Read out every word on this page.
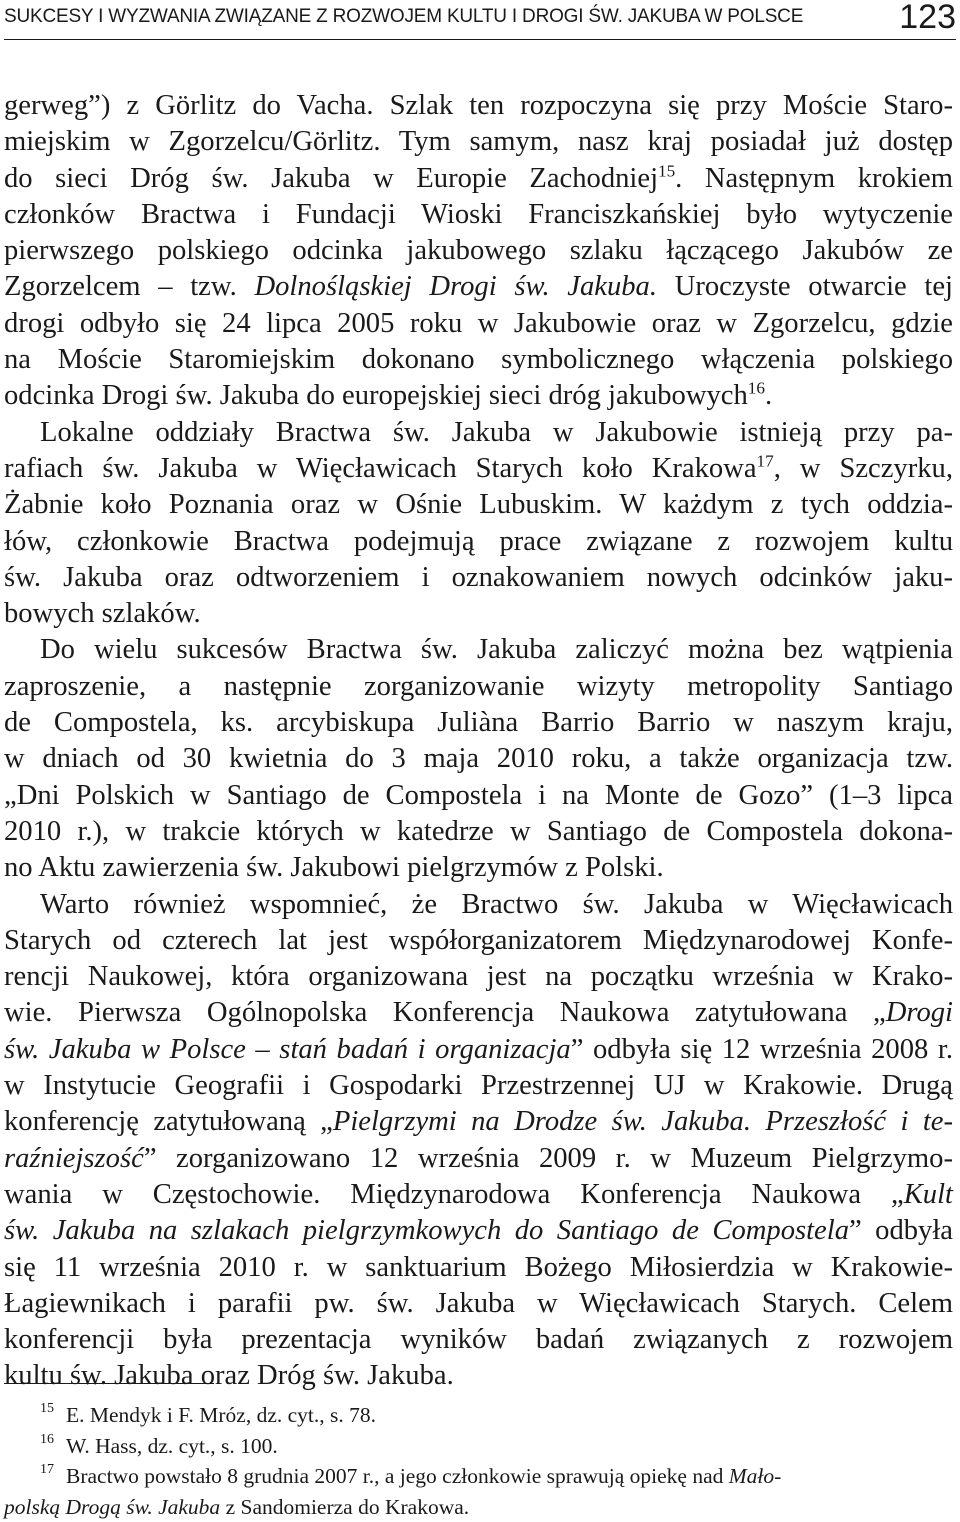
SUKCESY I WYZWANIA ZWIĄZANE Z ROZWOJEM KULTU I DROGI ŚW. JAKUBA W POLSCE	123
gerweg”) z Görlitz do Vacha. Szlak ten rozpoczyna się przy Moście Staro-
miejskim w Zgorzelcu/Görlitz. Tym samym, nasz kraj posiadał już dostęp
do sieci Dróg św. Jakuba w Europie Zachodniej$^{15}$. Następnym krokiem
członków Bractwa i Fundacji Wioski Franciszkańskiej było wytyczenie
pierwszego polskiego odcinka jakubowego szlaku łączącego Jakubów ze
Zgorzelcem – tzw. Dolnośląskiej Drogi św. Jakuba. Uroczyste otwarcie tej
drogi odbyło się 24 lipca 2005 roku w Jakubowie oraz w Zgorzelcu, gdzie
na Moście Staromiejskim dokonano symbolicznego włączenia polskiego
odcinka Drogi św. Jakuba do europejskiej sieci dróg jakubowych$^{16}$.
Lokalne oddziały Bractwa św. Jakuba w Jakubowie istnieją przy pa-
rafiach św. Jakuba w Więcławicach Starych koło Krakowa$^{17}$, w Szczyrku,
Żabnie koło Poznania oraz w Ośnie Lubuskim. W każdym z tych oddzia-
łów, członkowie Bractwa podejmują prace związane z rozwojem kultu
św. Jakuba oraz odtworzeniem i oznakowaniem nowych odcinków jaku-
bowych szlaków.
Do wielu sukcesów Bractwa św. Jakuba zaliczyć można bez wątpienia
zaproszenie, a następnie zorganizowanie wizyty metropolity Santiago
de Compostela, ks. arcybiskupa Juliàna Barrio Barrio w naszym kraju,
w dniach od 30 kwietnia do 3 maja 2010 roku, a także organizacja tzw.
„Dni Polskich w Santiago de Compostela i na Monte de Gozo” (1–3 lipca
2010 r.), w trakcie których w katedrze w Santiago de Compostela dokona-
no Aktu zawierzenia św. Jakubowi pielgrzymów z Polski.
Warto również wspomnieć, że Bractwo św. Jakuba w Więcławicach
Starych od czterech lat jest współorganizatorem Międzynarodowej Konfe-
rencji Naukowej, która organizowana jest na początku września w Krako-
wie. Pierwsza Ogólnopolska Konferencja Naukowa zatytułowana „Drogi
św. Jakuba w Polsce – stań badań i organizacja” odbyła się 12 września 2008 r.
w Instytucie Geografii i Gospodarki Przestrzennej UJ w Krakowie. Drugą
konferencję zatytułowaną „Pielgrzymi na Drodze św. Jakuba. Przeszłość i te-
raźniejszość” zorganizowano 12 września 2009 r. w Muzeum Pielgrzymo-
wania w Częstochowie. Międzynarodowa Konferencja Naukowa „Kult
św. Jakuba na szlakach pielgrzymkowych do Santiago de Compostela” odbyła
się 11 września 2010 r. w sanktuarium Bożego Miłosierdzia w Krakowie-
Łagiewnikach i parafii pw. św. Jakuba w Więcławicach Starych. Celem
konferencji była prezentacja wyników badań związanych z rozwojem
kultu św. Jakuba oraz Dróg św. Jakuba.
15 E. Mendyk i F. Mróz, dz. cyt., s. 78.
16 W. Hass, dz. cyt., s. 100.
17 Bractwo powstało 8 grudnia 2007 r., a jego członkowie sprawują opiekę nad Mało-
polską Drogą św. Jakuba z Sandomierza do Krakowa.
